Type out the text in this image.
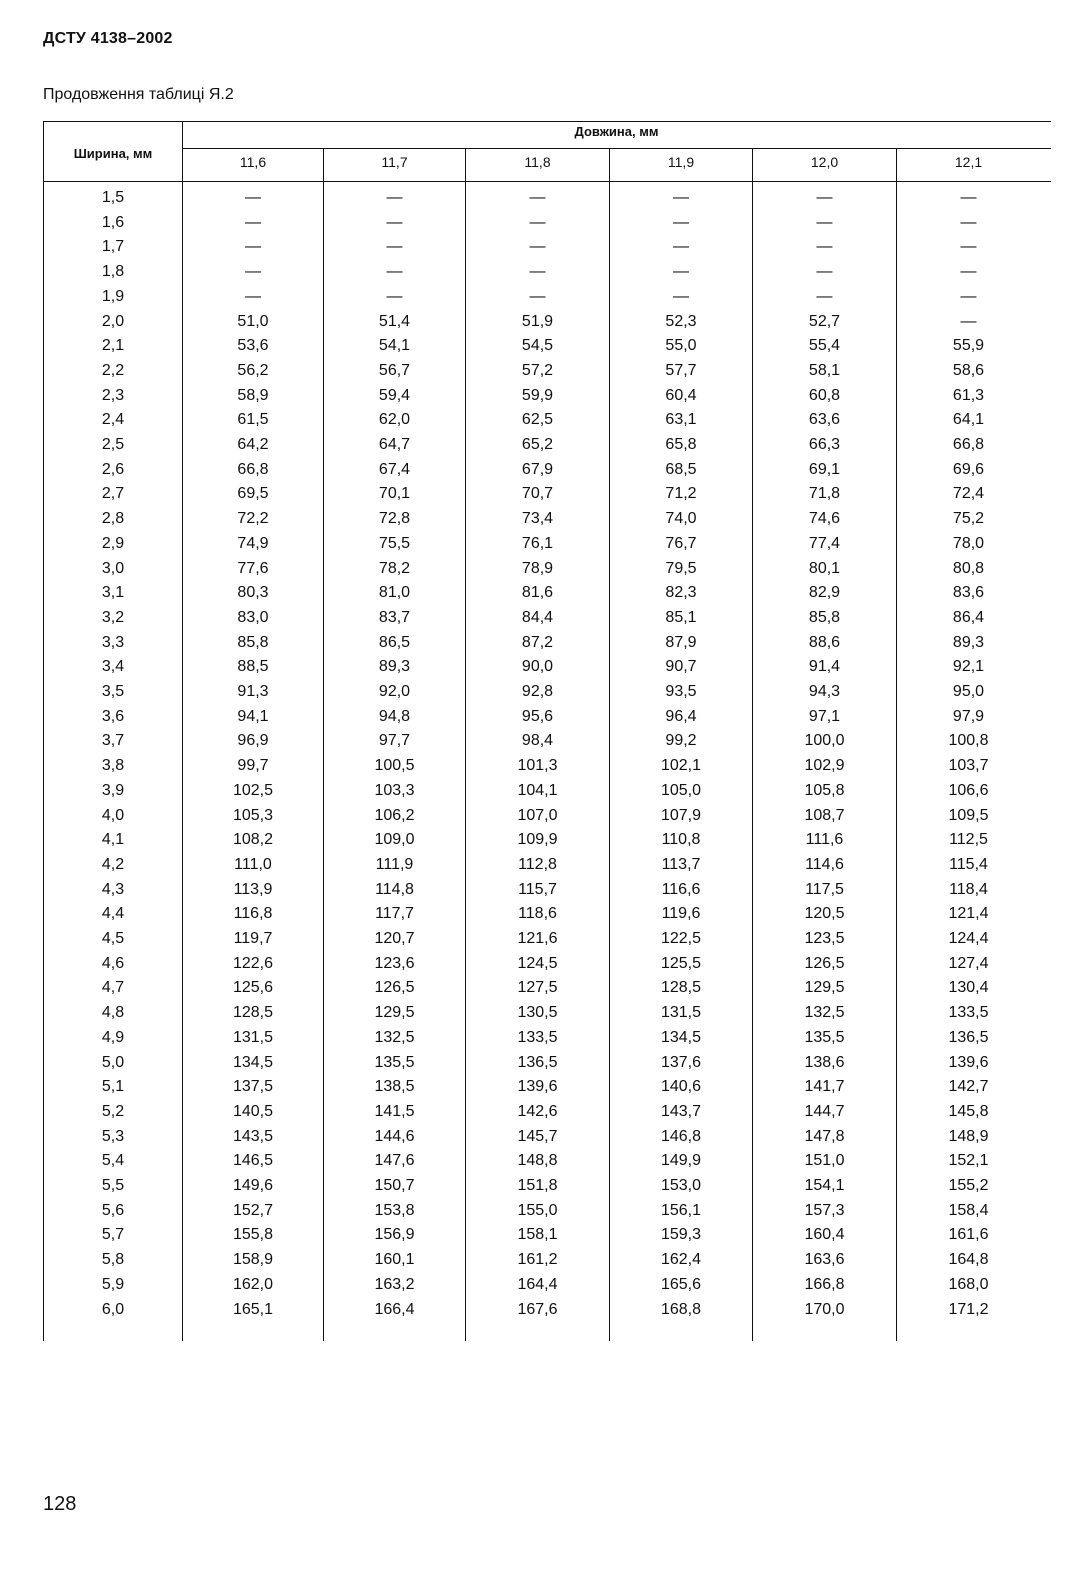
ДСТУ 4138–2002
Продовження таблиці Я.2
Ширина, мм
Довжина, мм
11,6	11,7	11,8	11,9	12,0	12,1
1,5	—	—	—	—	—	—
1,6	—	—	—	—	—	—
1,7	—	—	—	—	—	—
1,8	—	—	—	—	—	—
1,9	—	—	—	—	—	—
2,0	51,0	51,4	51,9	52,3	52,7	—
2,1	53,6	54,1	54,5	55,0	55,4	55,9
2,2	56,2	56,7	57,2	57,7	58,1	58,6
2,3	58,9	59,4	59,9	60,4	60,8	61,3
2,4	61,5	62,0	62,5	63,1	63,6	64,1
2,5	64,2	64,7	65,2	65,8	66,3	66,8
2,6	66,8	67,4	67,9	68,5	69,1	69,6
2,7	69,5	70,1	70,7	71,2	71,8	72,4
2,8	72,2	72,8	73,4	74,0	74,6	75,2
2,9	74,9	75,5	76,1	76,7	77,4	78,0
3,0	77,6	78,2	78,9	79,5	80,1	80,8
3,1	80,3	81,0	81,6	82,3	82,9	83,6
3,2	83,0	83,7	84,4	85,1	85,8	86,4
3,3	85,8	86,5	87,2	87,9	88,6	89,3
3,4	88,5	89,3	90,0	90,7	91,4	92,1
3,5	91,3	92,0	92,8	93,5	94,3	95,0
3,6	94,1	94,8	95,6	96,4	97,1	97,9
3,7	96,9	97,7	98,4	99,2	100,0	100,8
3,8	99,7	100,5	101,3	102,1	102,9	103,7
3,9	102,5	103,3	104,1	105,0	105,8	106,6
4,0	105,3	106,2	107,0	107,9	108,7	109,5
4,1	108,2	109,0	109,9	110,8	111,6	112,5
4,2	111,0	111,9	112,8	113,7	114,6	115,4
4,3	113,9	114,8	115,7	116,6	117,5	118,4
4,4	116,8	117,7	118,6	119,6	120,5	121,4
4,5	119,7	120,7	121,6	122,5	123,5	124,4
4,6	122,6	123,6	124,5	125,5	126,5	127,4
4,7	125,6	126,5	127,5	128,5	129,5	130,4
4,8	128,5	129,5	130,5	131,5	132,5	133,5
4,9	131,5	132,5	133,5	134,5	135,5	136,5
5,0	134,5	135,5	136,5	137,6	138,6	139,6
5,1	137,5	138,5	139,6	140,6	141,7	142,7
5,2	140,5	141,5	142,6	143,7	144,7	145,8
5,3	143,5	144,6	145,7	146,8	147,8	148,9
5,4	146,5	147,6	148,8	149,9	151,0	152,1
5,5	149,6	150,7	151,8	153,0	154,1	155,2
5,6	152,7	153,8	155,0	156,1	157,3	158,4
5,7	155,8	156,9	158,1	159,3	160,4	161,6
5,8	158,9	160,1	161,2	162,4	163,6	164,8
5,9	162,0	163,2	164,4	165,6	166,8	168,0
6,0	165,1	166,4	167,6	168,8	170,0	171,2
128
